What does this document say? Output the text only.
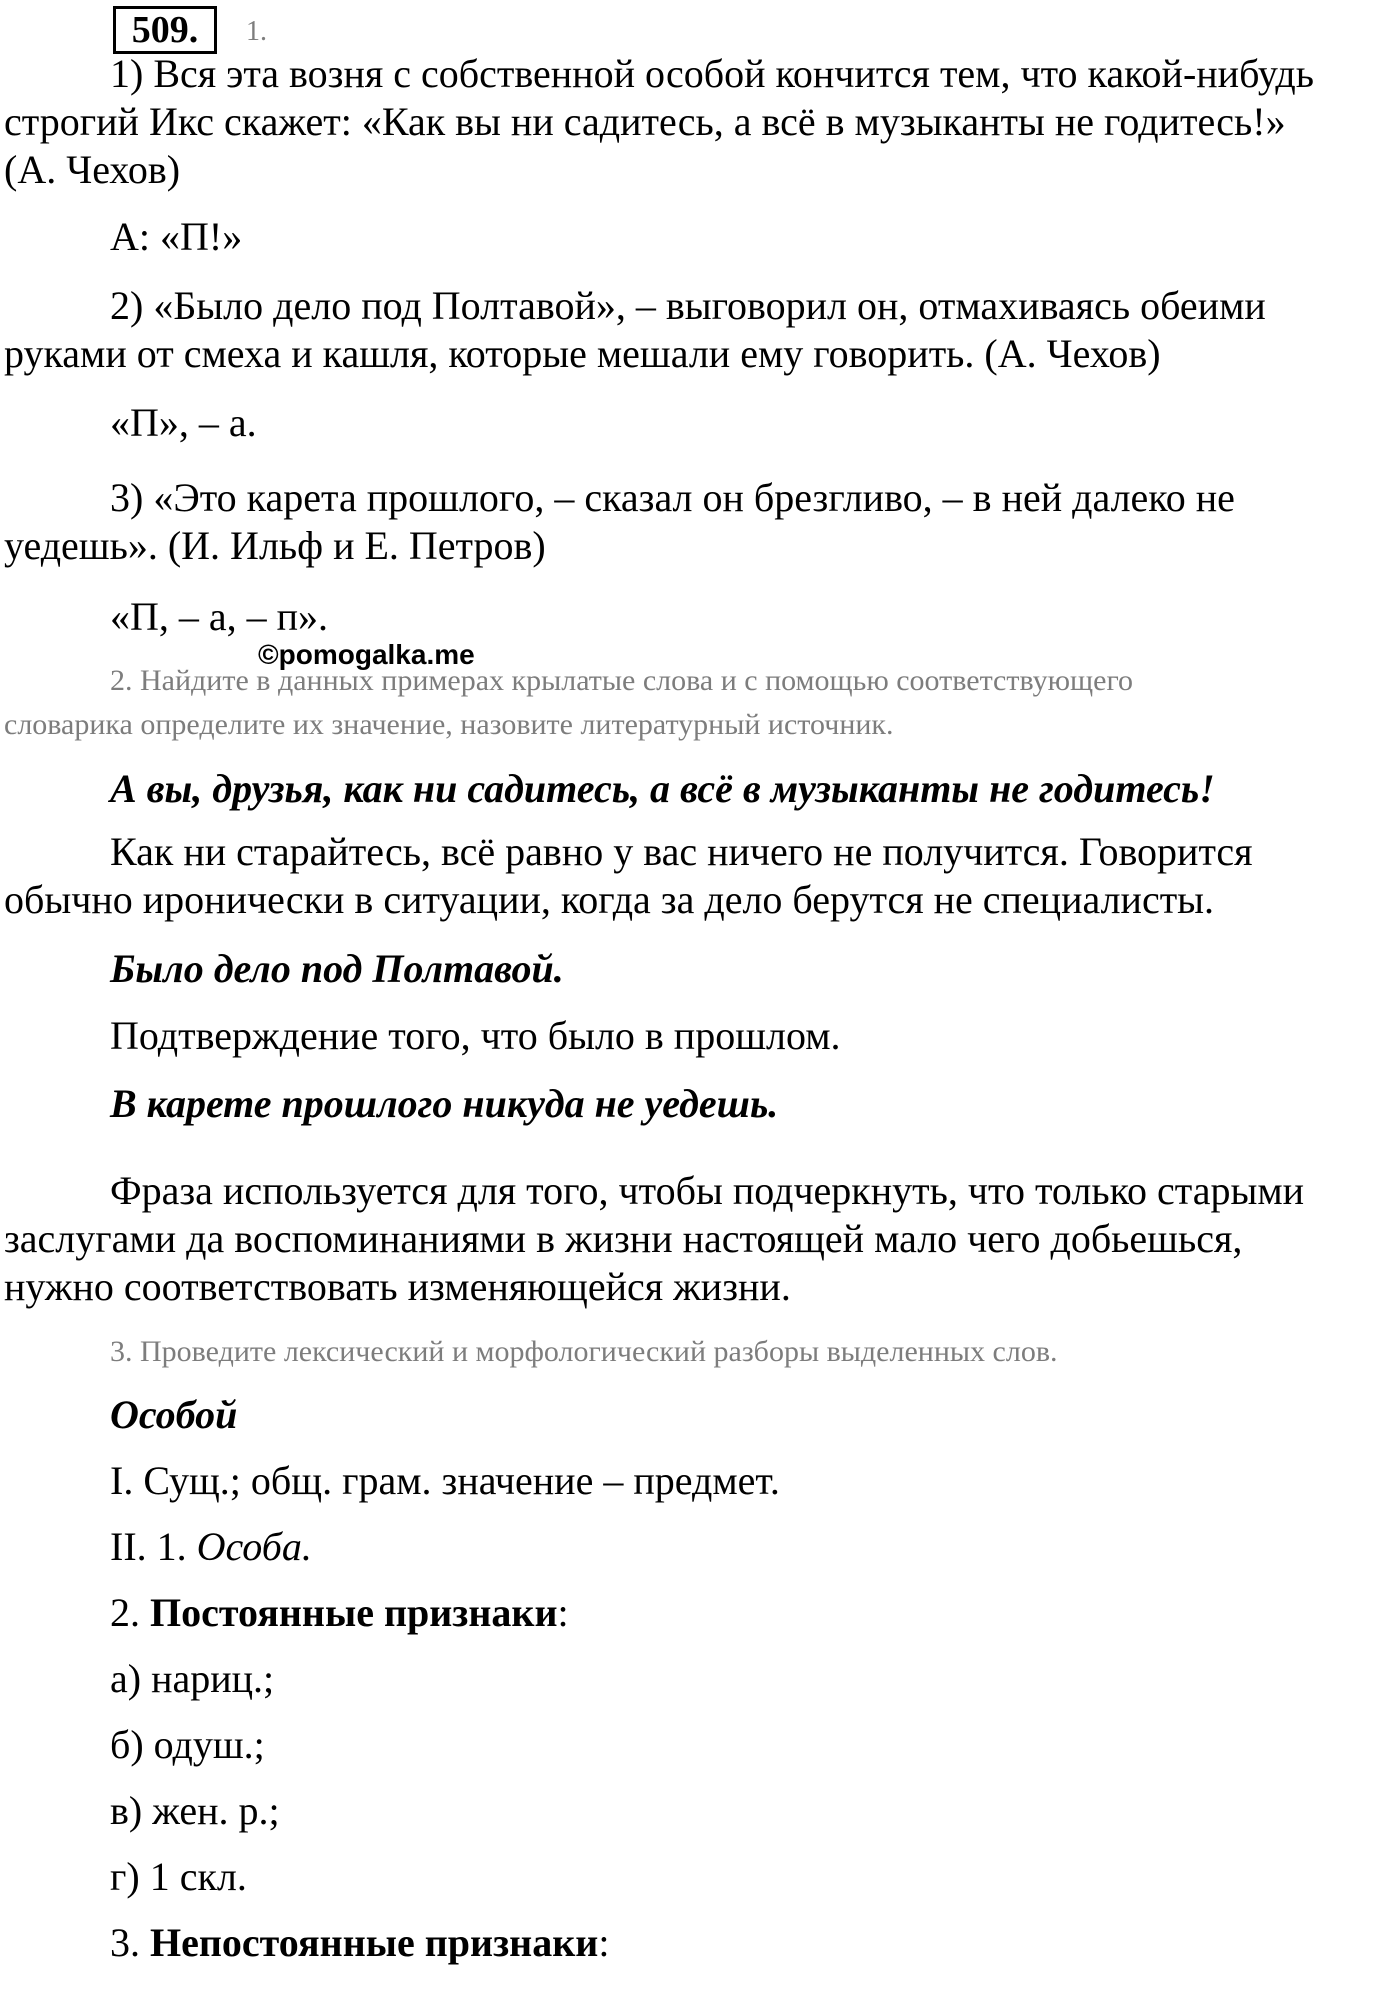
509.	1.
1) Вся эта возня с собственной особой кончится тем, что какой-нибудь
строгий Икс скажет: «Как вы ни садитесь, а всё в музыканты не годитесь!»
(А. Чехов)
А: «П!»
2) «Было дело под Полтавой», – выговорил он, отмахиваясь обеими
руками от смеха и кашля, которые мешали ему говорить. (А. Чехов)
«П», – а.
3) «Это карета прошлого, – сказал он брезгливо, – в ней далеко не
уедешь». (И. Ильф и Е. Петров)
«П, – а, – п».
©pomogalka.me
2. Найдите в данных примерах крылатые слова и с помощью соответствующего
словарика определите их значение, назовите литературный источник.
А вы, друзья, как ни садитесь, а всё в музыканты не годитесь!
Как ни старайтесь, всё равно у вас ничего не получится. Говорится
обычно иронически в ситуации, когда за дело берутся не специалисты.
Было дело под Полтавой.
Подтверждение того, что было в прошлом.
В карете прошлого никуда не уедешь.
Фраза используется для того, чтобы подчеркнуть, что только старыми
заслугами да воспоминаниями в жизни настоящей мало чего добьешься,
нужно соответствовать изменяющейся жизни.
3. Проведите лексический и морфологический разборы выделенных слов.
Особой
I. Сущ.; общ. грам. значение – предмет.
II. 1. Особа.
2. Постоянные признаки:
а) нариц.;
б) одуш.;
в) жен. р.;
г) 1 скл.
3. Непостоянные признаки:
